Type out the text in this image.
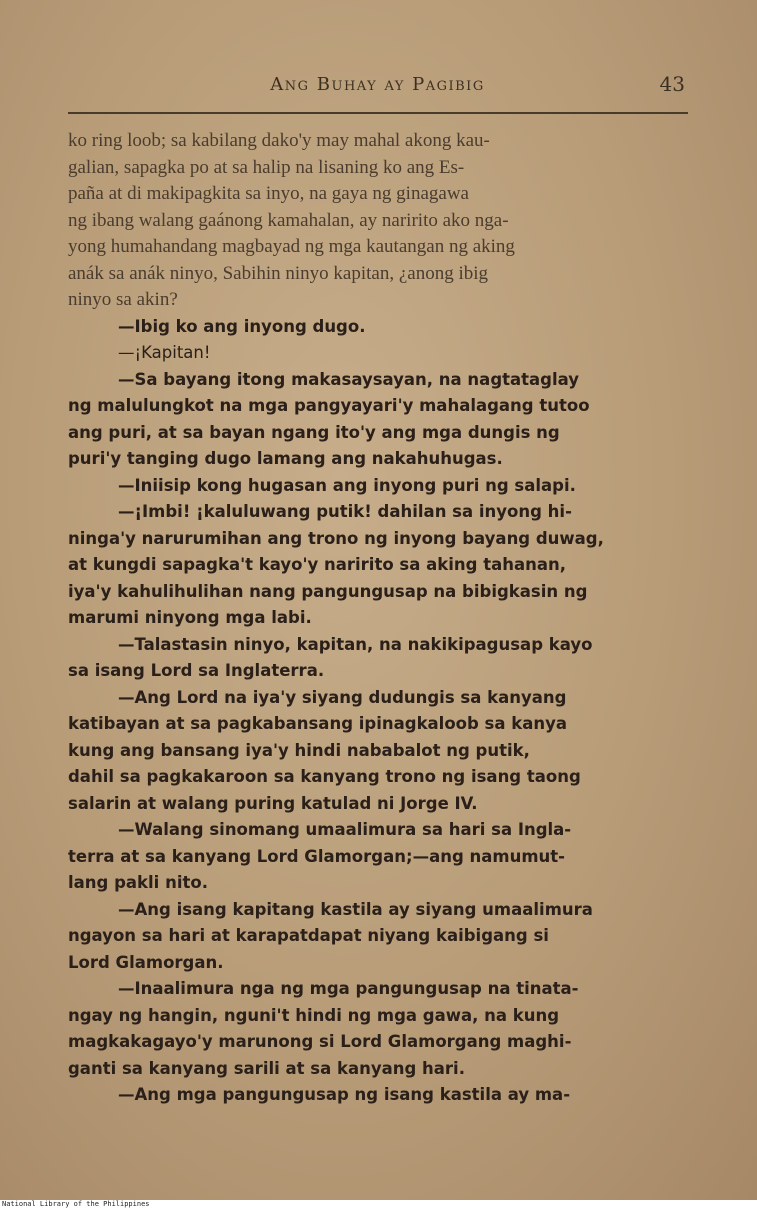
Ang Buhay ay Pagibig	43
ko ring loob; sa kabilang dako'y may mahal akong kau-
galian, sapagka po at sa halip na lisaning ko ang Es-
paña at di makipagkita sa inyo, na gaya ng ginagawa
ng ibang walang gaánong kamahalan, ay naririto ako nga-
yong humahandang magbayad ng mga kautangan ng aking
anák sa anák ninyo, Sabihin ninyo kapitan, ¿anong ibig
ninyo sa akin?
—Ibig ko ang inyong dugo.
—¡Kapitan!
—Sa bayang itong makasaysayan, na nagtataglay
ng malulungkot na mga pangyayari'y mahalagang tutoo
ang puri, at sa bayan ngang ito'y ang mga dungis ng
puri'y tanging dugo lamang ang nakahuhugas.
—Iniisip kong hugasan ang inyong puri ng salapi.
—¡Imbi! ¡kaluluwang putik! dahilan sa inyong hi-
ninga'y narurumihan ang trono ng inyong bayang duwag,
at kungdi sapagka't kayo'y naririto sa aking tahanan,
iya'y kahulihulihan nang pangungusap na bibigkasin ng
marumi ninyong mga labi.
—Talastasin ninyo, kapitan, na nakikipagusap kayo
sa isang Lord sa Inglaterra.
—Ang Lord na iya'y siyang dudungis sa kanyang
katibayan at sa pagkabansang ipinagkaloob sa kanya
kung ang bansang iya'y hindi nababalot ng putik,
dahil sa pagkakaroon sa kanyang trono ng isang taong
salarin at walang puring katulad ni Jorge IV.
—Walang sinomang umaalimura sa hari sa Ingla-
terra at sa kanyang Lord Glamorgan;—ang namumut-
lang pakli nito.
—Ang isang kapitang kastila ay siyang umaalimura
ngayon sa hari at karapatdapat niyang kaibigang si
Lord Glamorgan.
—Inaalimura nga ng mga pangungusap na tinata-
ngay ng hangin, nguni't hindi ng mga gawa, na kung
magkakagayo'y marunong si Lord Glamorgang maghi-
ganti sa kanyang sarili at sa kanyang hari.
—Ang mga pangungusap ng isang kastila ay ma-
National Library of the Philippines
